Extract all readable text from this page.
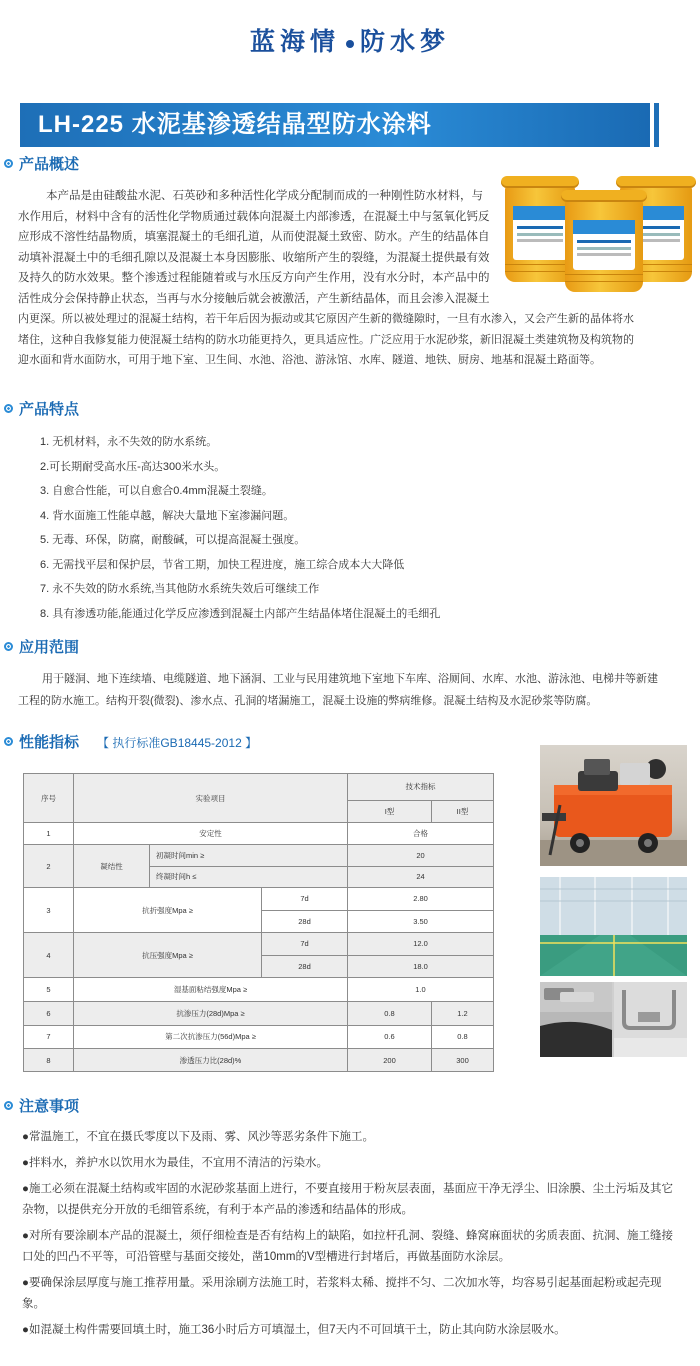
蓝海情 防水梦
LH-225 水泥基渗透结晶型防水涂料
产品概述
本产品是由硅酸盐水泥、石英砂和多种活性化学成分配制而成的一种刚性防水材料，与
水作用后，材料中含有的活性化学物质通过载体向混凝土内部渗透，在混凝土中与氢氧化钙反
应形成不溶性结晶物质，填塞混凝土的毛细孔道，从而使混凝土致密、防水。产生的结晶体自
动填补混凝土中的毛细孔隙以及混凝土本身因膨胀、收缩所产生的裂缝，为混凝土提供最有效
及持久的防水效果。整个渗透过程能随着或与水压反方向产生作用，没有水分时，本产品中的
活性成分会保持静止状态，当再与水分接触后就会被激活，产生新结晶体，而且会渗入混凝土
内更深。所以被处理过的混凝土结构，若干年后因为振动或其它原因产生新的微缝隙时，一旦有水渗入，又会产生新的晶体将水
堵住，这种自我修复能力使混凝土结构的防水功能更持久，更具适应性。广泛应用于水泥砂浆，新旧混凝土类建筑物及构筑物的
迎水面和背水面防水，可用于地下室、卫生间、水池、浴池、游泳馆、水库、隧道、地铁、厨房、地基和混凝土路面等。
产品特点
1. 无机材料，永不失效的防水系统。
2.可长期耐受高水压-高达300米水头。
3. 自愈合性能，可以自愈合0.4mm混凝土裂缝。
4. 背水面施工性能卓越，解决大量地下室渗漏问题。
5. 无毒、环保，防腐，耐酸碱，可以提高混凝土强度。
6. 无需找平层和保护层，节省工期，加快工程进度，施工综合成本大大降低
7. 永不失效的防水系统,当其他防水系统失效后可继续工作
8. 具有渗透功能,能通过化学反应渗透到混凝土内部产生结晶体堵住混凝土的毛细孔
应用范围
用于隧洞、地下连续墙、电缆隧道、地下涵洞、工业与民用建筑地下室地下车库、浴厕间、水库、水池、游泳池、电梯井等新建
工程的防水施工。结构开裂(微裂)、渗水点、孔洞的堵漏施工，混凝土设施的弊病维修。混凝土结构及水泥砂浆等防腐。
性能指标 【 执行标准GB18445-2012 】
序号	实验项目			技术指标	
				I型	II型
1	安定性			合格	
2	凝结性	初凝时间min ≥		20	
		终凝时间h ≤		24	
3	抗折强度Mpa ≥		7d	2.80	
			28d	3.50	
4	抗压强度Mpa ≥		7d	12.0	
			28d	18.0	
5	湿基面粘结强度Mpa ≥			1.0	
6	抗渗压力(28d)Mpa ≥			0.8	1.2
7	第二次抗渗压力(56d)Mpa ≥			0.6	0.8
8	渗透压力比(28d)%			200	300
注意事项
●常温施工，不宜在摄氏零度以下及雨、雾、风沙等恶劣条件下施工。
●拌料水，养护水以饮用水为最佳，不宜用不清洁的污染水。
●施工必须在混凝土结构或牢固的水泥砂浆基面上进行，不要直接用于粉灰层表面，基面应干净无浮尘、旧涂膜、尘土污垢及其它杂物，以提供充分开放的毛细管系统，有利于本产品的渗透和结晶体的形成。
●对所有要涂刷本产品的混凝土，须仔细检查是否有结构上的缺陷，如拉杆孔洞、裂缝、蜂窝麻面状的劣质表面、抗洞、施工缝接口处的凹凸不平等，可沿管壁与基面交接处，凿10mm的V型槽进行封堵后，再做基面防水涂层。
●要确保涂层厚度与施工推荐用量。采用涂刷方法施工时，若浆料太稀、搅拌不匀、二次加水等，均容易引起基面起粉或起壳现象。
●如混凝土构件需要回填土时，施工36小时后方可填湿土，但7天内不可回填干土，防止其向防水涂层吸水。
